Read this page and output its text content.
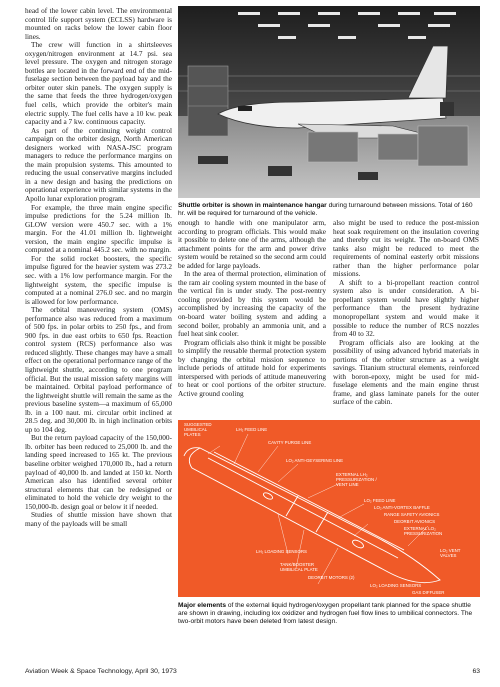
head of the lower cabin level. The environmental control life support system (ECLSS) hardware is mounted on racks below the lower cabin floor lines.

The crew will function in a shirtsleeves oxygen/nitrogen environment at 14.7 psi. sea level pressure. The oxygen and nitrogen storage bottles are located in the forward end of the mid-fuselage section between the payload bay and the orbiter outer skin panels. The oxygen supply is the same that feeds the three hydrogen/oxygen fuel cells, which provide the orbiter's main electric supply. The fuel cells have a 10 kw. peak capacity and a 7 kw. continuous capacity.

As part of the continuing weight control campaign on the orbiter design, North American designers worked with NASA-JSC program managers to reduce the performance margins on the main propulsion systems. This amounted to reducing the usual conservative margins included in a new design and basing the predictions on operational experience with similar systems in the Apollo lunar exploration program.

For example, the three main engine specific impulse predictions for the 5.24 million lb. GLOW version were 450.7 sec. with a 1% margin. For the 41.01 million lb. lightweight version, the main engine specific impulse is computed at a nominal 445.2 sec. with no margin.

For the solid rocket boosters, the specific impulse figured for the heavier system was 273.2 sec. with a 1% low performance margin. For the lightweight system, the specific impulse is computed at a nominal 276.0 sec. and no margin is allowed for low performance.

The orbital maneuvering system (OMS) performance also was reduced from a maximum of 500 fps. in polar orbits to 250 fps., and from 900 fps. in due east orbits to 650 fps. Reaction control system (RCS) performance also was reduced slightly. These changes may have a small effect on the operational performance range of the lightweight shuttle, according to one program official. But the usual mission safety margins will be maintained. Orbital payload performance of the lightweight shuttle will remain the same as the previous baseline system—a maximum of 65,000 lb. in a 100 naut. mi. circular orbit inclined at 28.5 deg. and 30,000 lb. in high inclination orbits up to 104 deg.

But the return payload capacity of the 150,000-lb. orbiter has been reduced to 25,000 lb. and the landing speed increased to 165 kt. The previous baseline orbiter weighed 170,000 lb., had a return payload of 40,000 lb. and landed at 150 kt. North American also has identified several orbiter structural elements that can be redesigned or eliminated to hold the vehicle dry weight to the 150,000-lb. design goal or below it if needed.

Studies of shuttle mission have shown that many of the payloads will be small

Shuttle orbiter is shown in maintenance hangar during turnaround between missions. Total of 160 hr. will be required for turnaround of the vehicle.

enough to handle with one manipulator arm, according to program officials. This would make it possible to delete one of the arms, although the attachment points for the arm and power drive system would be retained so the second arm could be added for large payloads.

In the area of thermal protection, elimination of the ram air cooling system mounted in the base of the vertical fin is under study. The post-reentry cooling provided by this system would be accomplished by increasing the capacity of the on-board water boiling system and adding a second boiler, probably an ammonia unit, and a fuel heat sink cooler.

Program officials also think it might be possible to simplify the reusable thermal protection system by changing the orbital mission sequence to include periods of attitude hold for experiments interspersed with periods of attitude maneuvering to heat or cool portions of the orbiter structure. Active ground cooling

also might be used to reduce the post-mission heat soak requirement on the insulation covering and thereby cut its weight. The on-board OMS tanks also might be reduced to meet the requirements of nominal easterly orbit missions rather than the higher performance polar missions.

A shift to a bi-propellant reaction control system also is under consideration. A bi-propellant system would have slightly higher performance than the present hydrazine monopropellant system and would make it possible to reduce the number of RCS nozzles from 40 to 32.

Program officials also are looking at the possibility of using advanced hybrid materials in portions of the orbiter structure as a weight savings. Titanium structural elements, reinforced with boron-epoxy, might be used for mid-fuselage elements and the main engine thrust frame, and glass laminate panels for the outer surface of the cabin.

SUGGESTED
UMBILICAL
PLATES
LH₂ FEED LINE
CAVITY PURGE LINE
LO₂ ANTI-GEYSERING LINE
EXTERNAL LH₂
PRESSURIZATION /
VENT LINE
LO₂ FEED LINE
LO₂ ANTI-VORTEX BAFFLE
RANGE SAFETY AVIONICS
DEORBIT AVIONICS
EXTERNAL LO₂
PRESSURIZATION
LH₂ LOADING SENSORS
TANK/BOOSTER
UMBILICAL PLATE
LO₂ VENT
VALVES
DEORBIT MOTORS (2)
LO₂ LOADING SENSORS
GAS DIFFUSER
Major elements of the external liquid hydrogen/oxygen propellant tank planned for the space shuttle are shown in drawing, including lox oxidizer and hydrogen fuel flow lines to umbilical connectors. The two-orbit motors have been deleted from latest design.
Aviation Week & Space Technology, April 30, 1973	63
